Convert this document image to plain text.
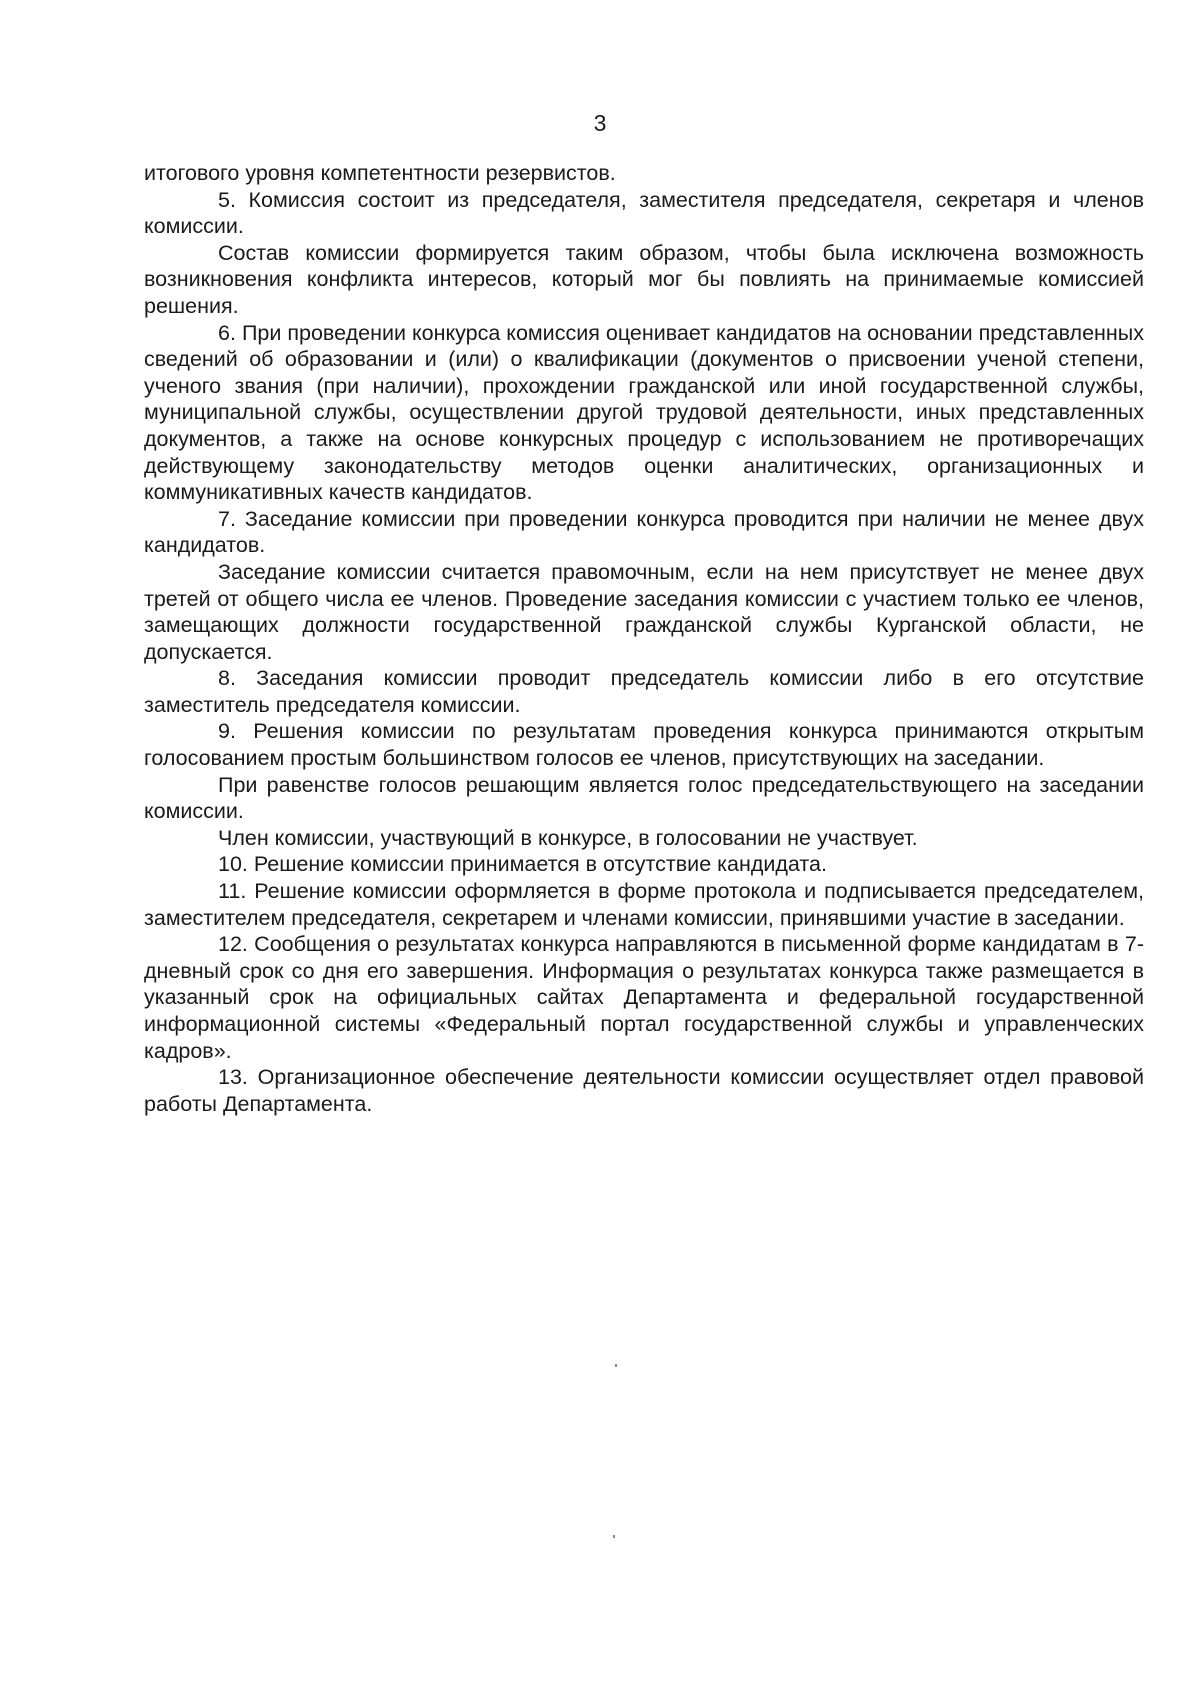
3

итогового уровня компетентности резервистов.

5. Комиссия состоит из председателя, заместителя председателя, секретаря и членов комиссии.

Состав комиссии формируется таким образом, чтобы была исключена возможность возникновения конфликта интересов, который мог бы повлиять на принимаемые комиссией решения.

6. При проведении конкурса комиссия оценивает кандидатов на основании представленных сведений об образовании и (или) о квалификации (документов о присвоении ученой степени, ученого звания (при наличии), прохождении гражданской или иной государственной службы, муниципальной службы, осуществлении другой трудовой деятельности, иных представленных документов, а также на основе конкурсных процедур с использованием не противоречащих действующему законодательству методов оценки аналитических, организационных и коммуникативных качеств кандидатов.

7. Заседание комиссии при проведении конкурса проводится при наличии не менее двух кандидатов.

Заседание комиссии считается правомочным, если на нем присутствует не менее двух третей от общего числа ее членов. Проведение заседания комиссии с участием только ее членов, замещающих должности государственной гражданской службы Курганской области, не допускается.

8. Заседания комиссии проводит председатель комиссии либо в его отсутствие заместитель председателя комиссии.

9. Решения комиссии по результатам проведения конкурса принимаются открытым голосованием простым большинством голосов ее членов, присутствующих на заседании.

При равенстве голосов решающим является голос председательствующего на заседании комиссии.

Член комиссии, участвующий в конкурсе, в голосовании не участвует.

10. Решение комиссии принимается в отсутствие кандидата.

11. Решение комиссии оформляется в форме протокола и подписывается председателем, заместителем председателя, секретарем и членами комиссии, принявшими участие в заседании.

12. Сообщения о результатах конкурса направляются в письменной форме кандидатам в 7-дневный срок со дня его завершения. Информация о результатах конкурса также размещается в указанный срок на официальных сайтах Департамента и федеральной государственной информационной системы «Федеральный портал государственной службы и управленческих кадров».

13. Организационное обеспечение деятельности комиссии осуществляет отдел правовой работы Департамента.
